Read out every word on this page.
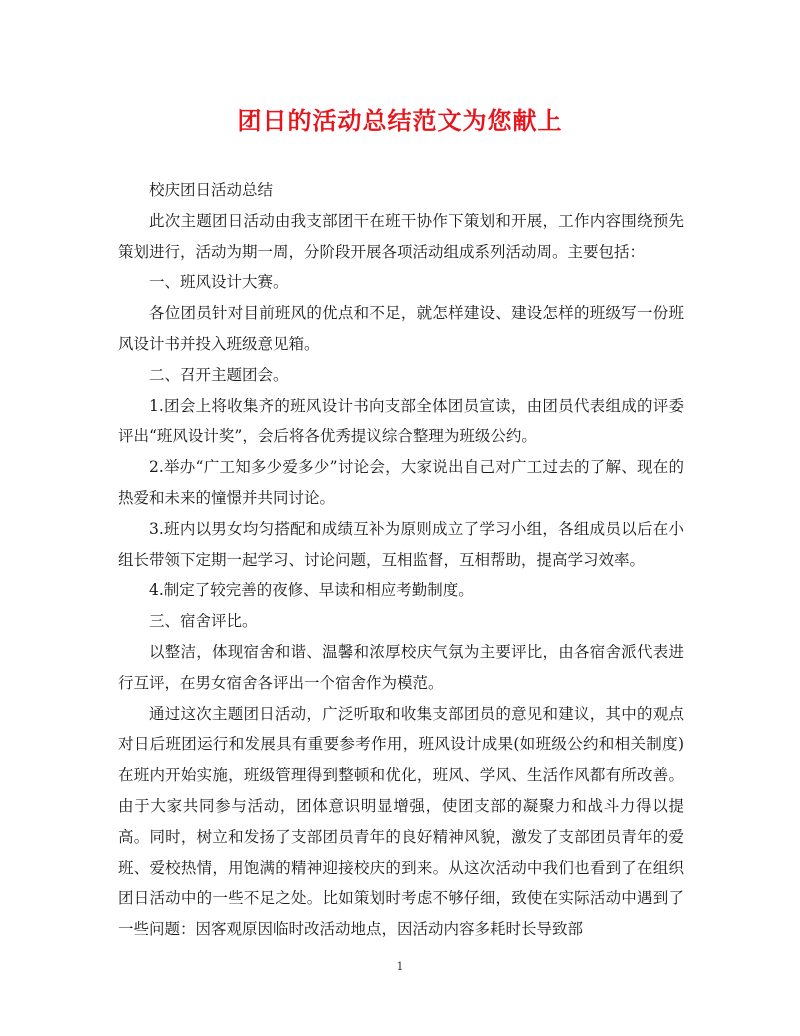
团日的活动总结范文为您献上

校庆团日活动总结

此次主题团日活动由我支部团干在班干协作下策划和开展，工作内容围绕预先策划进行，活动为期一周，分阶段开展各项活动组成系列活动周。主要包括：

一、班风设计大赛。

各位团员针对目前班风的优点和不足，就怎样建设、建设怎样的班级写一份班风设计书并投入班级意见箱。

二、召开主题团会。

1.团会上将收集齐的班风设计书向支部全体团员宣读，由团员代表组成的评委评出“班风设计奖”，会后将各优秀提议综合整理为班级公约。

2.举办“广工知多少爱多少”讨论会，大家说出自己对广工过去的了解、现在的热爱和未来的憧憬并共同讨论。

3.班内以男女均匀搭配和成绩互补为原则成立了学习小组，各组成员以后在小组长带领下定期一起学习、讨论问题，互相监督，互相帮助，提高学习效率。

4.制定了较完善的夜修、早读和相应考勤制度。

三、宿舍评比。

以整洁，体现宿舍和谐、温馨和浓厚校庆气氛为主要评比，由各宿舍派代表进行互评，在男女宿舍各评出一个宿舍作为模范。

通过这次主题团日活动，广泛听取和收集支部团员的意见和建议，其中的观点对日后班团运行和发展具有重要参考作用，班风设计成果(如班级公约和相关制度)在班内开始实施，班级管理得到整顿和优化，班风、学风、生活作风都有所改善。由于大家共同参与活动，团体意识明显增强，使团支部的凝聚力和战斗力得以提高。同时，树立和发扬了支部团员青年的良好精神风貌，激发了支部团员青年的爱班、爱校热情，用饱满的精神迎接校庆的到来。从这次活动中我们也看到了在组织团日活动中的一些不足之处。比如策划时考虑不够仔细，致使在实际活动中遇到了一些问题：因客观原因临时改活动地点，因活动内容多耗时长导致部

1
